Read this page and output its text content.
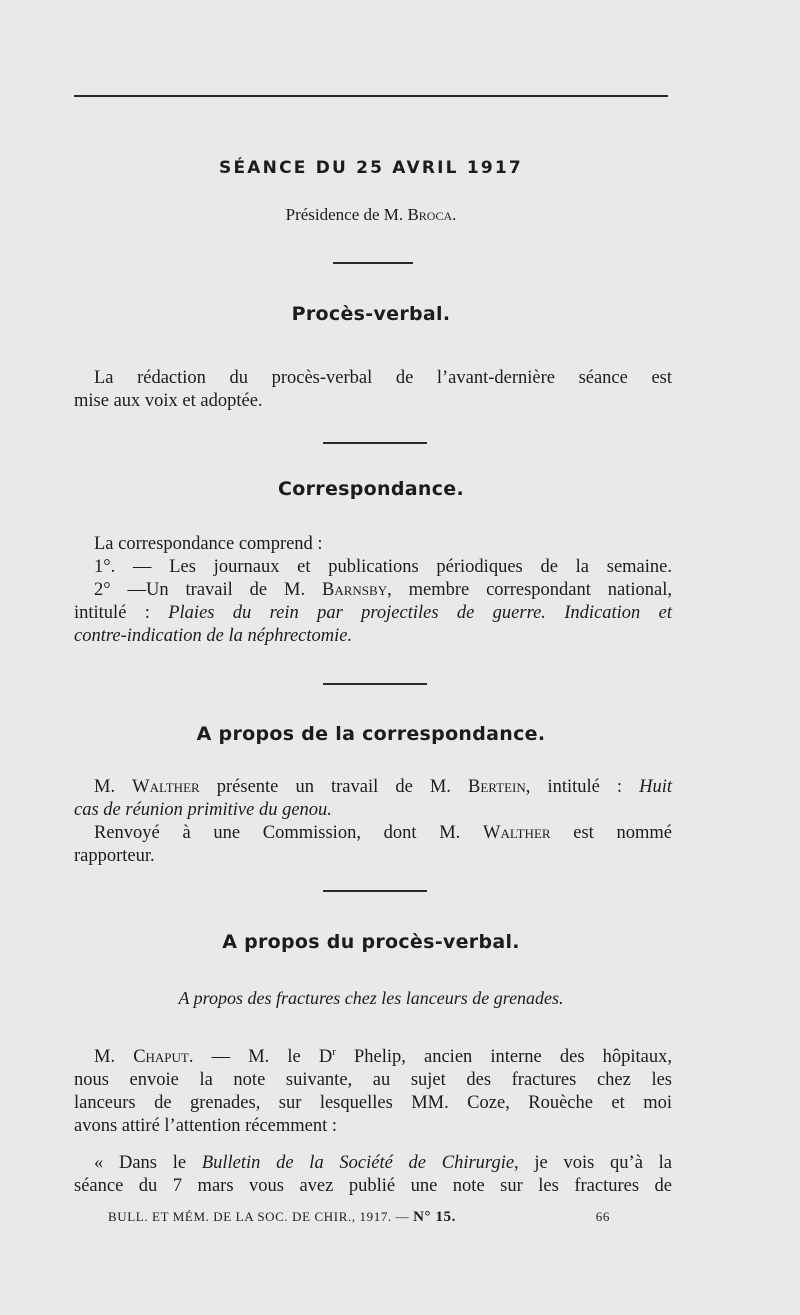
SÉANCE DU 25 AVRIL 1917
Présidence de M. Broca.
Procès-verbal.
La rédaction du procès-verbal de l’avant-dernière séance est
mise aux voix et adoptée.
Correspondance.
La correspondance comprend :
1°. — Les journaux et publications périodiques de la semaine.
2° —Un travail de M. Barnsby, membre correspondant national,
intitulé : Plaies du rein par projectiles de guerre. Indication et
contre-indication de la néphrectomie.
A propos de la correspondance.
M. Walther présente un travail de M. Bertein, intitulé : Huit
cas de réunion primitive du genou.
Renvoyé à une Commission, dont M. Walther est nommé
rapporteur.
A propos du procès-verbal.
A propos des fractures chez les lanceurs de grenades.
M. Chaput. — M. le $D^r$ Phelip, ancien interne des hôpitaux,
nous envoie la note suivante, au sujet des fractures chez les
lanceurs de grenades, sur lesquelles MM. Coze, Rouèche et moi
avons attiré l’attention récemment :
« Dans le Bulletin de la Société de Chirurgie, je vois qu’à la
séance du 7 mars vous avez publié une note sur les fractures de
BULL. ET MÉM. DE LA SOC. DE CHIR., 1917. — N° 15.	66
